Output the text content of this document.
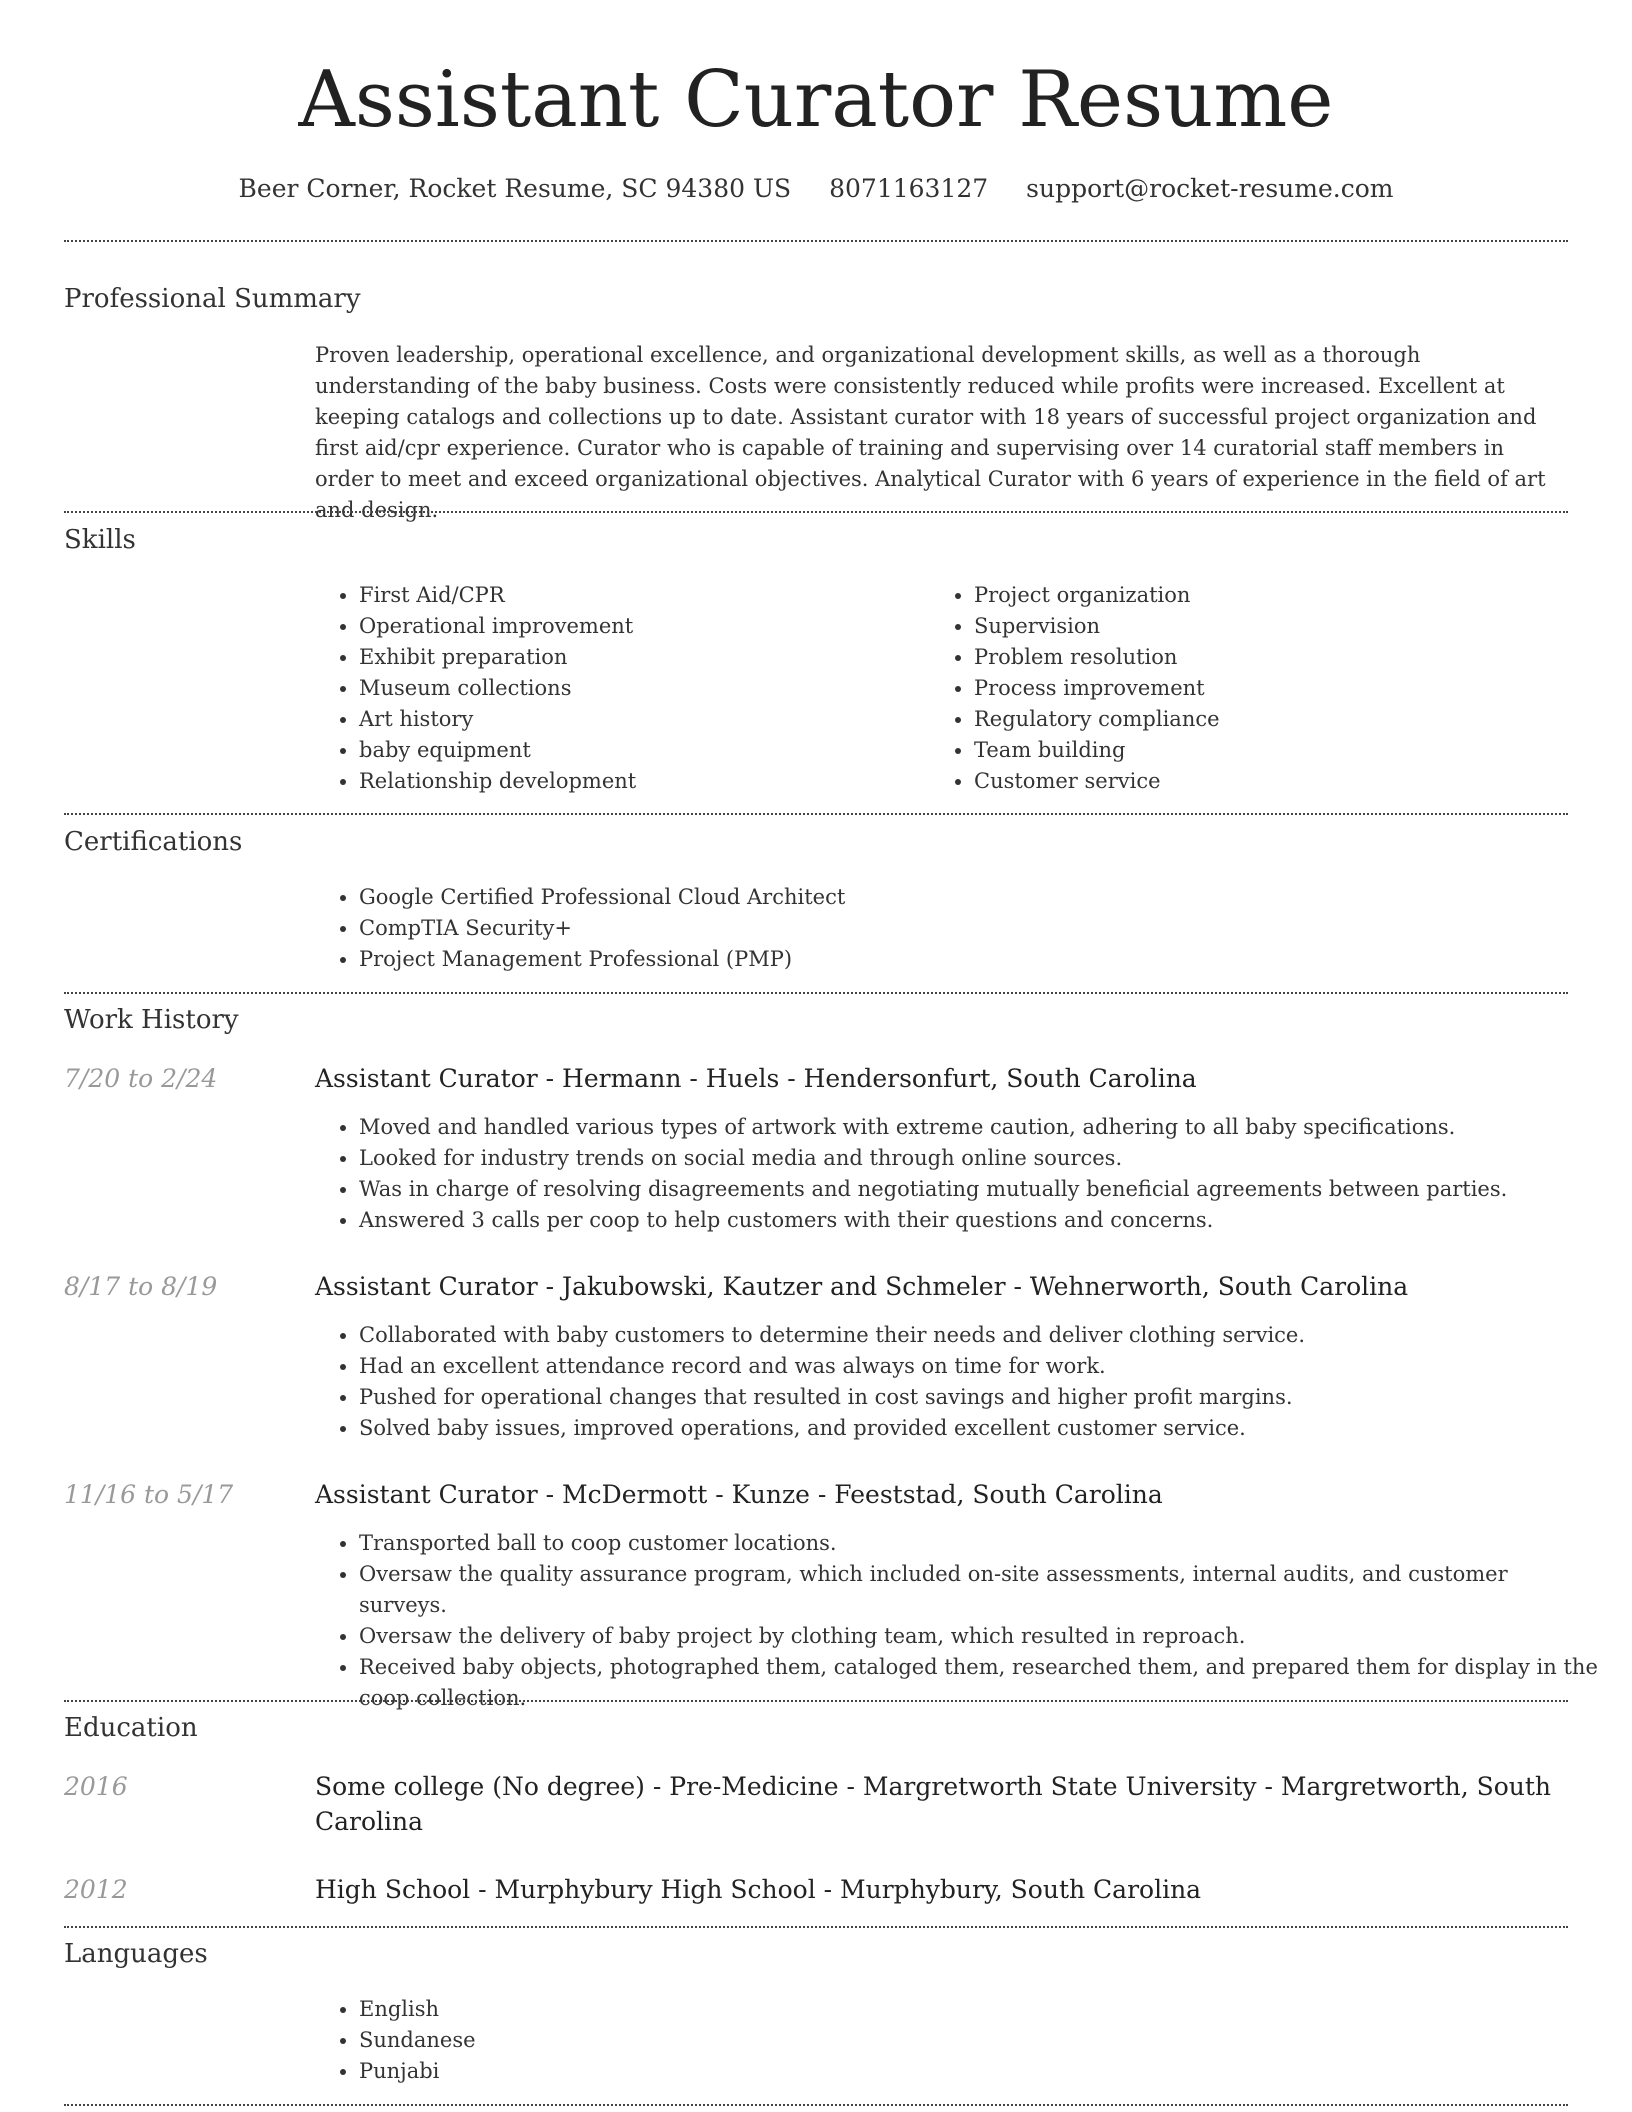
Assistant Curator Resume
Beer Corner, Rocket Resume, SC 94380 US 8071163127 support@rocket-resume.com
Professional Summary
Proven leadership, operational excellence, and organizational development skills, as well as a thorough understanding of the baby business. Costs were consistently reduced while profits were increased. Excellent at keeping catalogs and collections up to date. Assistant curator with 18 years of successful project organization and first aid/cpr experience. Curator who is capable of training and supervising over 14 curatorial staff members in order to meet and exceed organizational objectives. Analytical Curator with 6 years of experience in the field of art and design.
Skills
• First Aid/CPR
• Operational improvement
• Exhibit preparation
• Museum collections
• Art history
• baby equipment
• Relationship development
• Project organization
• Supervision
• Problem resolution
• Process improvement
• Regulatory compliance
• Team building
• Customer service
Certifications
• Google Certified Professional Cloud Architect
• CompTIA Security+
• Project Management Professional (PMP)
Work History
7/20 to 2/24	Assistant Curator - Hermann - Huels - Hendersonfurt, South Carolina
• Moved and handled various types of artwork with extreme caution, adhering to all baby specifications.
• Looked for industry trends on social media and through online sources.
• Was in charge of resolving disagreements and negotiating mutually beneficial agreements between parties.
• Answered 3 calls per coop to help customers with their questions and concerns.
8/17 to 8/19	Assistant Curator - Jakubowski, Kautzer and Schmeler - Wehnerworth, South Carolina
• Collaborated with baby customers to determine their needs and deliver clothing service.
• Had an excellent attendance record and was always on time for work.
• Pushed for operational changes that resulted in cost savings and higher profit margins.
• Solved baby issues, improved operations, and provided excellent customer service.
11/16 to 5/17	Assistant Curator - McDermott - Kunze - Feeststad, South Carolina
• Transported ball to coop customer locations.
• Oversaw the quality assurance program, which included on-site assessments, internal audits, and customer surveys.
• Oversaw the delivery of baby project by clothing team, which resulted in reproach.
• Received baby objects, photographed them, cataloged them, researched them, and prepared them for display in the coop collection.
Education
2016	Some college (No degree) - Pre-Medicine - Margretworth State University - Margretworth, South Carolina
2012	High School - Murphybury High School - Murphybury, South Carolina
Languages
• English
• Sundanese
• Punjabi
